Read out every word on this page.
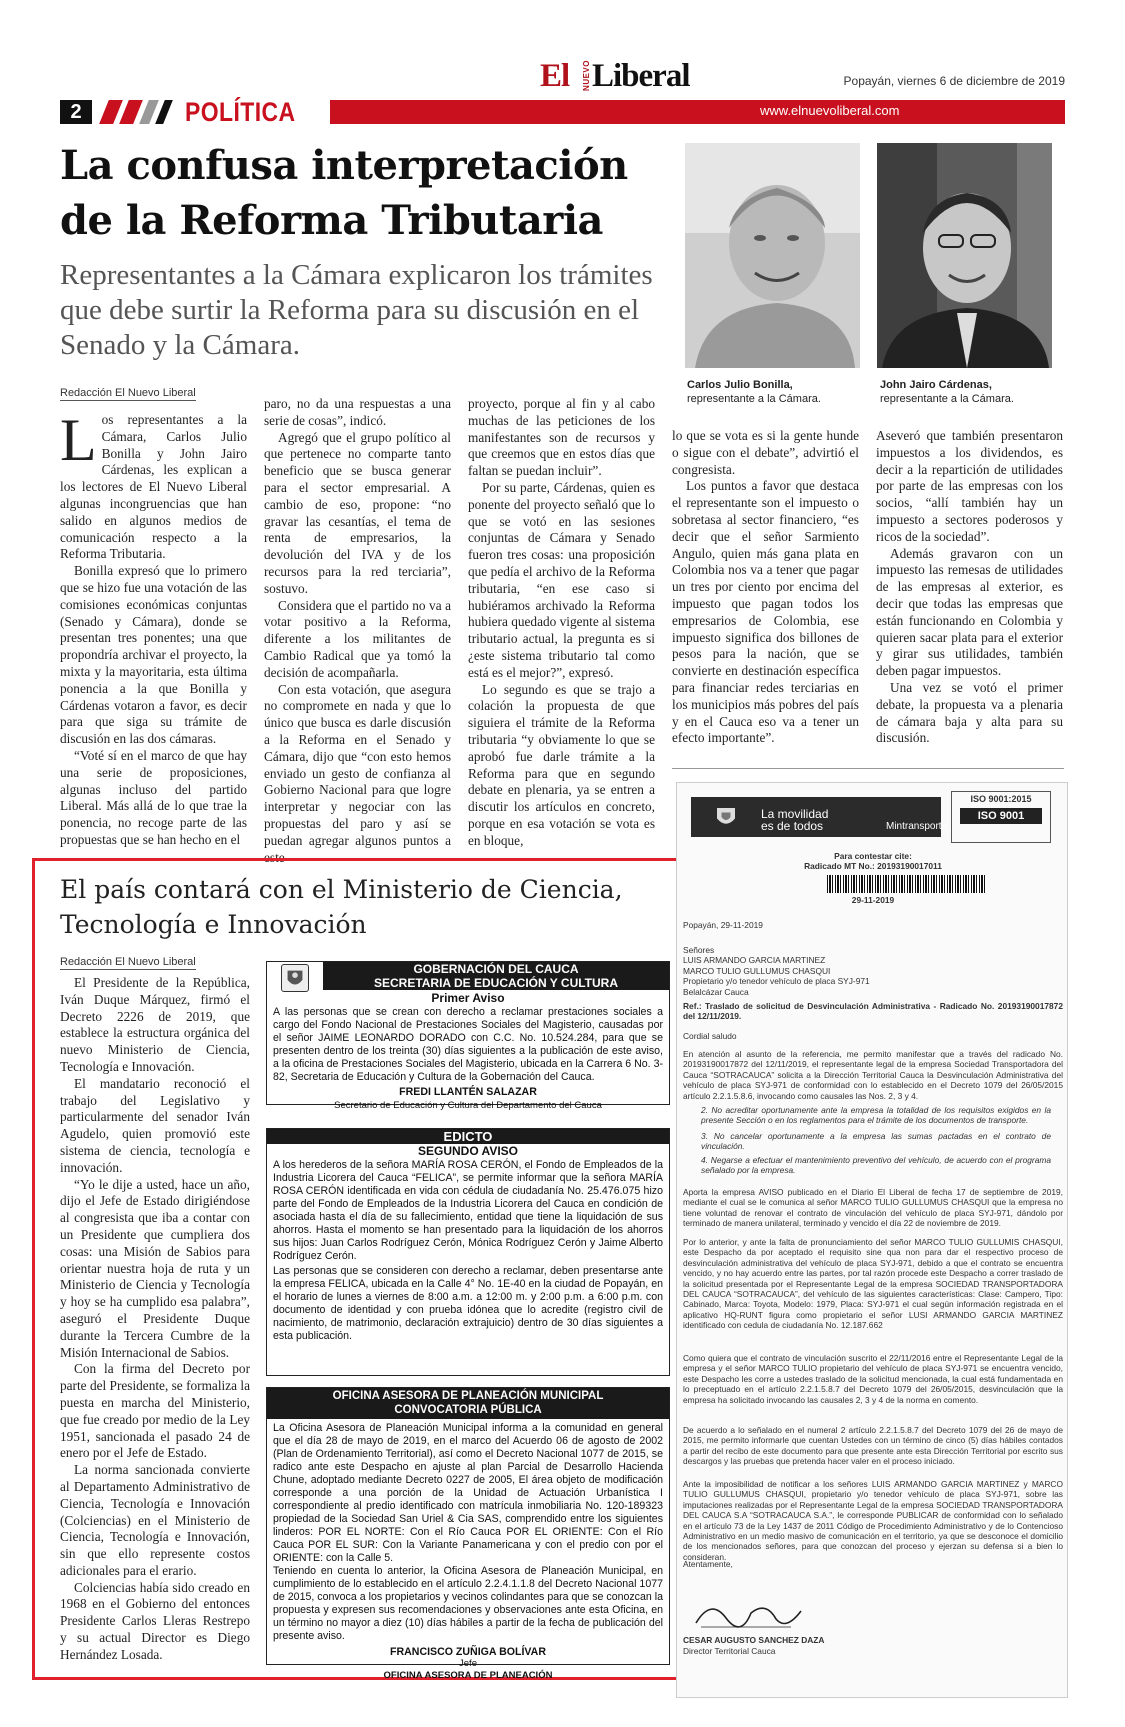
El NUEVO Liberal	Popayán, viernes 6 de diciembre de 2019
2	POLÍTICA	www.elnuevoliberal.com
La confusa interpretación de la Reforma Tributaria
Representantes a la Cámara explicaron los trámites que debe surtir la Reforma para su discusión en el Senado y la Cámara.
Carlos Julio Bonilla, representante a la Cámara.
John Jairo Cárdenas, representante a la Cámara.
Redacción El Nuevo Liberal

Los representantes a la Cámara, Carlos Julio Bonilla y John Jairo Cárdenas, les explican a los lectores de El Nuevo Liberal algunas incongruencias que han salido en algunos medios de comunicación respecto a la Reforma Tributaria.

Bonilla expresó que lo primero que se hizo fue una votación de las comisiones económicas conjuntas (Senado y Cámara), donde se presentan tres ponentes; una que propondría archivar el proyecto, la mixta y la mayoritaria, esta última ponencia a la que Bonilla y Cárdenas votaron a favor, es decir para que siga su trámite de discusión en las dos cámaras.

“Voté sí en el marco de que hay una serie de proposiciones, algunas incluso del partido Liberal. Más allá de lo que trae la ponencia, no recoge parte de las propuestas que se han hecho en el

paro, no da una respuestas a una serie de cosas”, indicó.

Agregó que el grupo político al que pertenece no comparte tanto beneficio que se busca generar para el sector empresarial. A cambio de eso, propone: “no gravar las cesantías, el tema de renta de empresarios, la devolución del IVA y de los recursos para la red terciaria”, sostuvo.

Considera que el partido no va a votar positivo a la Reforma, diferente a los militantes de Cambio Radical que ya tomó la decisión de acompañarla.

Con esta votación, que asegura no compromete en nada y que lo único que busca es darle discusión a la Reforma en el Senado y Cámara, dijo que “con esto hemos enviado un gesto de confianza al Gobierno Nacional para que logre interpretar y negociar con las propuestas del paro y así se puedan agregar algunos puntos a este

proyecto, porque al fin y al cabo muchas de las peticiones de los manifestantes son de recursos y que creemos que en estos días que faltan se puedan incluir”.

Por su parte, Cárdenas, quien es ponente del proyecto señaló que lo que se votó en las sesiones conjuntas de Cámara y Senado fueron tres cosas: una proposición que pedía el archivo de la Reforma tributaria, “en ese caso si hubiéramos archivado la Reforma hubiera quedado vigente al sistema tributario actual, la pregunta es si ¿este sistema tributario tal como está es el mejor?”, expresó.

Lo segundo es que se trajo a colación la propuesta de que siguiera el trámite de la Reforma tributaria “y obviamente lo que se aprobó fue darle trámite a la Reforma para que en segundo debate en plenaria, ya se entren a discutir los artículos en concreto, porque en esa votación se vota es en bloque,

lo que se vota es si la gente hunde o sigue con el debate”, advirtió el congresista.

Los puntos a favor que destaca el representante son el impuesto o sobretasa al sector financiero, “es decir que el señor Sarmiento Angulo, quien más gana plata en Colombia nos va a tener que pagar un tres por ciento por encima del impuesto que pagan todos los empresarios de Colombia, ese impuesto significa dos billones de pesos para la nación, que se convierte en destinación específica para financiar redes terciarias en los municipios más pobres del país y en el Cauca eso va a tener un efecto importante”.

Aseveró que también presentaron impuestos a los dividendos, es decir a la repartición de utilidades por parte de las empresas con los socios, “allí también hay un impuesto a sectores poderosos y ricos de la sociedad”.

Además gravaron con un impuesto las remesas de utilidades de las empresas al exterior, es decir que todas las empresas que están funcionando en Colombia y quieren sacar plata para el exterior y girar sus utilidades, también deben pagar impuestos.

Una vez se votó el primer debate, la propuesta va a plenaria de cámara baja y alta para su discusión.

El país contará con el Ministerio de Ciencia, Tecnología e Innovación
Redacción El Nuevo Liberal

El Presidente de la República, Iván Duque Márquez, firmó el Decreto 2226 de 2019, que establece la estructura orgánica del nuevo Ministerio de Ciencia, Tecnología e Innovación.

El mandatario reconoció el trabajo del Legislativo y particularmente del senador Iván Agudelo, quien promovió este sistema de ciencia, tecnología e innovación.

“Yo le dije a usted, hace un año, dijo el Jefe de Estado dirigiéndose al congresista que iba a contar con un Presidente que cumpliera dos cosas: una Misión de Sabios para orientar nuestra hoja de ruta y un Ministerio de Ciencia y Tecnología y hoy se ha cumplido esa palabra”, aseguró el Presidente Duque durante la Tercera Cumbre de la Misión Internacional de Sabios.

Con la firma del Decreto por parte del Presidente, se formaliza la puesta en marcha del Ministerio, que fue creado por medio de la Ley 1951, sancionada el pasado 24 de enero por el Jefe de Estado.

La norma sancionada convierte al Departamento Administrativo de Ciencia, Tecnología e Innovación (Colciencias) en el Ministerio de Ciencia, Tecnología e Innovación, sin que ello represente costos adicionales para el erario.

Colciencias había sido creado en 1968 en el Gobierno del entonces Presidente Carlos Lleras Restrepo y su actual Director es Diego Hernández Losada.

GOBERNACIÓN DEL CAUCA
SECRETARIA DE EDUCACIÓN Y CULTURA
Primer Aviso
A las personas que se crean con derecho a reclamar prestaciones sociales a cargo del Fondo Nacional de Prestaciones Sociales del Magisterio, causadas por el señor JAIME LEONARDO DORADO con C.C. No. 10.524.284, para que se presenten dentro de los treinta (30) días siguientes a la publicación de este aviso, a la oficina de Prestaciones Sociales del Magisterio, ubicada en la Carrera 6 No. 3-82, Secretaria de Educación y Cultura de la Gobernación del Cauca.
FREDI LLANTÉN SALAZAR
Secretario de Educación y Cultura del Departamento del Cauca
EDICTO
SEGUNDO AVISO
A los herederos de la señora MARÍA ROSA CERÓN, el Fondo de Empleados de la Industria Licorera del Cauca “FELICA”, se permite informar que la señora MARÍA ROSA CERÓN identificada en vida con cédula de ciudadanía No. 25.476.075 hizo parte del Fondo de Empleados de la Industria Licorera del Cauca en condición de asociada hasta el día de su fallecimiento, entidad que tiene la liquidación de sus ahorros. Hasta el momento se han presentado para la liquidación de los ahorros sus hijos: Juan Carlos Rodríguez Cerón, Mónica Rodríguez Cerón y Jaime Alberto Rodríguez Cerón.
Las personas que se consideren con derecho a reclamar, deben presentarse ante la empresa FELICA, ubicada en la Calle 4° No. 1E-40 en la ciudad de Popayán, en el horario de lunes a viernes de 8:00 a.m. a 12:00 m. y 2:00 p.m. a 6:00 p.m. con documento de identidad y con prueba idónea que lo acredite (registro civil de nacimiento, de matrimonio, declaración extrajuicio) dentro de 30 días siguientes a esta publicación.
OFICINA ASESORA DE PLANEACIÓN MUNICIPAL
CONVOCATORIA PÚBLICA
La Oficina Asesora de Planeación Municipal informa a la comunidad en general que el día 28 de mayo de 2019, en el marco del Acuerdo 06 de agosto de 2002 (Plan de Ordenamiento Territorial), así como el Decreto Nacional 1077 de 2015, se radico ante este Despacho en ajuste al plan Parcial de Desarrollo Hacienda Chune, adoptado mediante Decreto 0227 de 2005, El área objeto de modificación corresponde a una porción de la Unidad de Actuación Urbanística I correspondiente al predio identificado con matrícula inmobiliaria No. 120-189323 propiedad de la Sociedad San Uriel & Cia SAS, comprendido entre los siguientes linderos: POR EL NORTE: Con el Río Cauca POR EL ORIENTE: Con el Río Cauca POR EL SUR: Con la Variante Panamericana y con el predio con por el ORIENTE: con la Calle 5.
Teniendo en cuenta lo anterior, la Oficina Asesora de Planeación Municipal, en cumplimiento de lo establecido en el artículo 2.2.4.1.1.8 del Decreto Nacional 1077 de 2015, convoca a los propietarios y vecinos colindantes para que se conozcan la propuesta y expresen sus recomendaciones y observaciones ante esta Oficina, en un término no mayor a diez (10) días hábiles a partir de la fecha de publicación del presente aviso.
FRANCISCO ZUÑIGA BOLÍVAR
Jefe
OFICINA ASESORA DE PLANEACIÓN
La movilidad
es de todos	Mintransporte
ISO 9001:2015
ISO 9001
Para contestar cite:
Radicado MT No.: 20193190017011
29-11-2019
Popayán, 29-11-2019
Señores
LUIS ARMANDO GARCIA MARTINEZ
MARCO TULIO GULLUMUS CHASQUI
Propietario y/o tenedor vehículo de placa SYJ-971
Belalcázar Cauca
Ref.: Traslado de solicitud de Desvinculación Administrativa - Radicado No. 20193190017872 del 12/11/2019.
Cordial saludo
En atención al asunto de la referencia, me permito manifestar que a través del radicado No. 20193190017872 del 12/11/2019, el representante legal de la empresa Sociedad Transportadora del Cauca “SOTRACAUCA” solicita a la Dirección Territorial Cauca la Desvinculación Administrativa del vehículo de placa SYJ-971 de conformidad con lo establecido en el Decreto 1079 del 26/05/2015 artículo 2.2.1.5.8.6, invocando como causales las Nos. 2, 3 y 4.
2. No acreditar oportunamente ante la empresa la totalidad de los requisitos exigidos en la presente Sección o en los reglamentos para el trámite de los documentos de transporte.
3. No cancelar oportunamente a la empresa las sumas pactadas en el contrato de vinculación.
4. Negarse a efectuar el mantenimiento preventivo del vehículo, de acuerdo con el programa señalado por la empresa.
Aporta la empresa AVISO publicado en el Diario El Liberal de fecha 17 de septiembre de 2019, mediante el cual se le comunica al señor MARCO TULIO GULLUMUS CHASQUI que la empresa no tiene voluntad de renovar el contrato de vinculación del vehículo de placa SYJ-971, dándolo por terminado de manera unilateral, terminado y vencido el día 22 de noviembre de 2019.
Por lo anterior, y ante la falta de pronunciamiento del señor MARCO TULIO GULLUMIS CHASQUI, este Despacho da por aceptado el requisito sine qua non para dar el respectivo proceso de desvinculación administrativa del vehículo de placa SYJ-971, debido a que el contrato se encuentra vencido, y no hay acuerdo entre las partes, por tal razón procede este Despacho a correr traslado de la solicitud presentada por el Representante Legal de la empresa SOCIEDAD TRANSPORTADORA DEL CAUCA “SOTRACAUCA”, del vehículo de las siguientes características: Clase: Campero, Tipo: Cabinado, Marca: Toyota, Modelo: 1979, Placa: SYJ-971 el cual según información registrada en el aplicativo HQ-RUNT figura como propietario el señor LUSI ARMANDO GARCIA MARTINEZ identificado con cedula de ciudadanía No. 12.187.662
Como quiera que el contrato de vinculación suscrito el 22/11/2016 entre el Representante Legal de la empresa y el señor MARCO TULIO propietario del vehículo de placa SYJ-971 se encuentra vencido, este Despacho les corre a ustedes traslado de la solicitud mencionada, la cual está fundamentada en lo preceptuado en el artículo 2.2.1.5.8.7 del Decreto 1079 del 26/05/2015, desvinculación que la empresa ha solicitado invocando las causales 2, 3 y 4 de la norma en comento.
De acuerdo a lo señalado en el numeral 2 artículo 2.2.1.5.8.7 del Decreto 1079 del 26 de mayo de 2015, me permito informarle que cuentan Ustedes con un término de cinco (5) días hábiles contados a partir del recibo de este documento para que presente ante esta Dirección Territorial por escrito sus descargos y las pruebas que pretenda hacer valer en el proceso iniciado.
Ante la imposibilidad de notificar a los señores LUIS ARMANDO GARCIA MARTINEZ y MARCO TULIO GULLUMUS CHASQUI, propietario y/o tenedor vehículo de placa SYJ-971, sobre las imputaciones realizadas por el Representante Legal de la empresa SOCIEDAD TRANSPORTADORA DEL CAUCA S.A “SOTRACAUCA S.A.”, le corresponde PUBLICAR de conformidad con lo señalado en el artículo 73 de la Ley 1437 de 2011 Código de Procedimiento Administrativo y de lo Contencioso Administrativo en un medio masivo de comunicación en el territorio, ya que se desconoce el domicilio de los mencionados señores, para que conozcan del proceso y ejerzan su defensa si a bien lo consideran.
Atentamente,
CESAR AUGUSTO SANCHEZ DAZA
Director Territorial Cauca
